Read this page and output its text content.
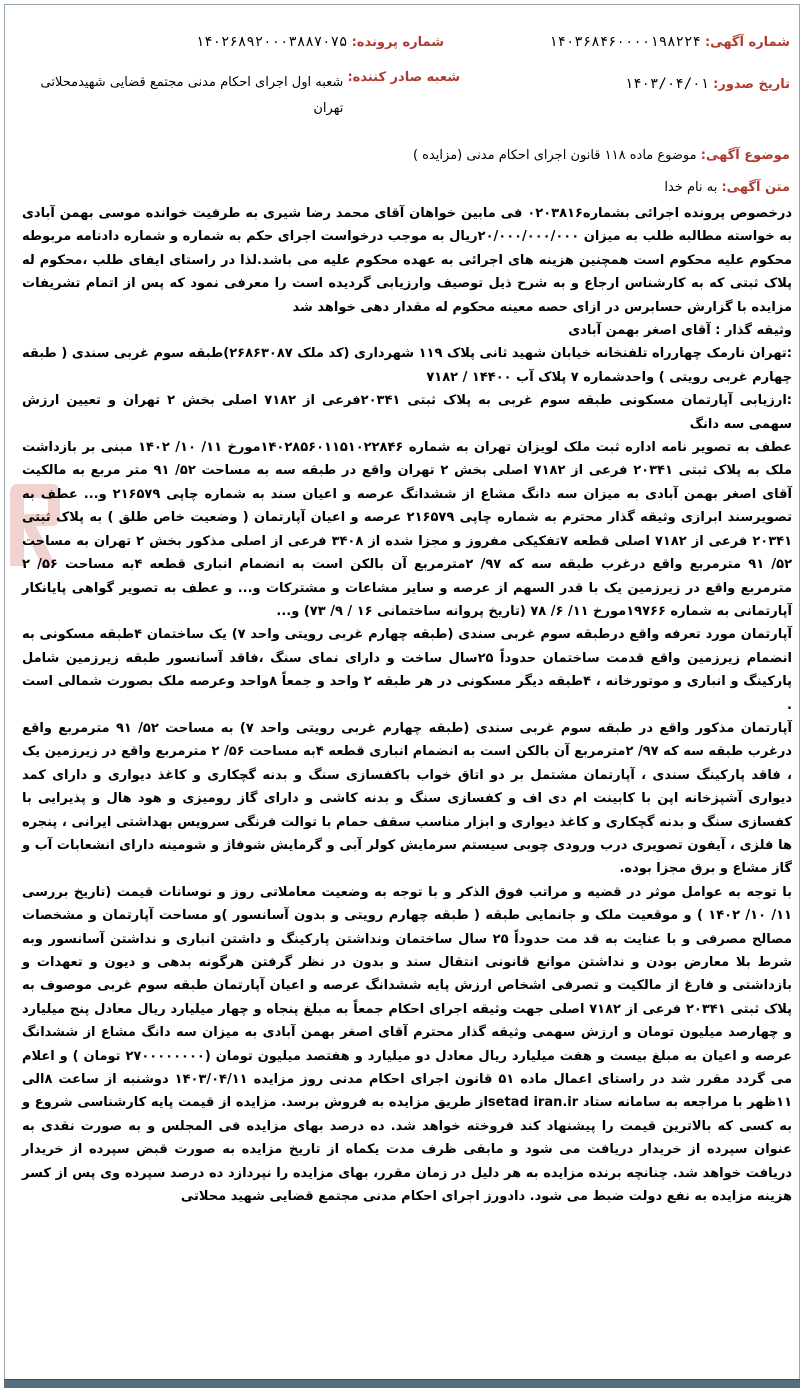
شماره آگهی: ۱۴۰۳۶۸۴۶۰۰۰۰۱۹۸۲۲۴
تاریخ صدور: ۱۴۰۳/۰۴/۰۱
شماره پرونده: ۱۴۰۲۶۸۹۲۰۰۰۳۸۸۷۰۷۵
شعبه صادر کننده: شعبه اول اجرای احکام مدنی مجتمع قضایی شهیدمحلاتی تهران
موضوع آگهی: موضوع ماده ۱۱۸ قانون اجرای احکام مدنی (مزایده )
متن آگهی: به نام خدا

درخصوص پرونده اجرائی بشماره۰۲۰۳۸۱۶ فی مابین خواهان آقای محمد رضا شیری به طرفیت خوانده موسی بهمن آبادی به خواسته مطالبه طلب به میزان ۲۰/۰۰۰/۰۰۰/۰۰۰ریال به موجب درخواست اجرای حکم به شماره و شماره دادنامه مربوطه محکوم علیه محکوم است همچنین هزینه های اجرائی به عهده محکوم علیه می باشد.لذا در راستای ایفای طلب ،محکوم له پلاک ثبتی که به کارشناس ارجاع و به شرح ذیل توصیف وارزیابی گردیده است را معرفی نمود که پس از اتمام تشریفات مزایده با گزارش حسابرس در ازای حصه معینه محکوم له مقدار دهی خواهد شد

وثیقه گذار : آقای اصغر بهمن آبادی

:تهران نارمک چهارراه تلفنخانه خیابان شهید ثانی پلاک ۱۱۹ شهرداری (کد ملک ۲۶۸۶۳۰۸۷)طبقه سوم غربی سندی ( طبقه چهارم غربی رویتی ) واحدشماره ۷ پلاک آب ۱۴۴۰۰ / ۷۱۸۲

:ارزیابی آپارتمان مسکونی طبقه سوم غربی به پلاک ثبتی ۲۰۳۴۱فرعی از ۷۱۸۲ اصلی بخش ۲ تهران و تعیین ارزش سهمی سه دانگ

عطف به تصویر نامه اداره ثبت ملک لویزان تهران به شماره ۱۴۰۲۸۵۶۰۱۱۵۱۰۲۲۸۴۶مورخ ۱۱/ ۱۰/ ۱۴۰۲ مبنی بر بازداشت ملک به پلاک ثبتی ۲۰۳۴۱ فرعی از ۷۱۸۲ اصلی بخش ۲ تهران واقع در طبقه سه به مساحت ۵۲/ ۹۱ متر مربع به مالکیت آقای اصغر بهمن آبادی به میزان سه دانگ مشاع از ششدانگ عرصه و اعیان سند به شماره چاپی ۲۱۶۵۷۹ و... عطف به تصویرسند ابرازی وثیقه گذار محترم به شماره چاپی ۲۱۶۵۷۹ عرصه و اعیان آپارتمان ( وضعیت خاص طلق ) به پلاک ثبتی ۲۰۳۴۱ فرعی از ۷۱۸۲ اصلی قطعه ۷تفکیکی مفروز و مجزا شده از ۳۴۰۸ فرعی از اصلی مذکور بخش ۲ تهران به مساحت ۵۲/ ۹۱ مترمربع واقع درغرب طبقه سه که ۹۷/ ۲مترمربع آن بالکن است به انضمام انباری قطعه ۴به مساحت ۵۶/ ۲ مترمربع واقع در زیرزمین یک با قدر السهم از عرصه و سایر مشاعات و مشترکات و... و عطف به تصویر گواهی پایانکار آپارتمانی به شماره ۱۹۷۶۶مورخ ۱۱/ ۶/ ۷۸ (تاریخ پروانه ساختمانی ۱۶ / ۹/ ۷۳) و...

آپارتمان مورد تعرفه واقع درطبقه سوم غربی سندی (طبقه چهارم غربی رویتی واحد ۷) یک ساختمان ۴طبقه مسکونی به انضمام زیرزمین واقع قدمت ساختمان حدوداً ۲۵سال ساخت و دارای نمای سنگ ،فاقد آسانسور طبقه زیرزمین شامل پارکینگ و انباری و موتورخانه ، ۴طبقه دیگر مسکونی در هر طبقه ۲ واحد و جمعاً ۸واحد وعرصه ملک بصورت شمالی است .

آپارتمان مذکور واقع در طبقه سوم غربی سندی (طبقه چهارم غربی رویتی واحد ۷) به مساحت ۵۲/ ۹۱ مترمربع واقع درغرب طبقه سه که ۹۷/ ۲مترمربع آن بالکن است به انضمام انباری قطعه ۴به مساحت ۵۶/ ۲ مترمربع واقع در زیرزمین یک ، فاقد پارکینگ سندی ، آپارتمان مشتمل بر دو اتاق خواب باکفسازی سنگ و بدنه گچکاری و کاغذ دیواری و دارای کمد دیواری آشپزخانه اپن با کابینت ام دی اف و کفسازی سنگ و بدنه کاشی و دارای گاز رومیزی و هود هال و پذیرایی با کفسازی سنگ و بدنه گچکاری و کاغذ دیواری و ابزار مناسب سقف حمام با توالت فرنگی سرویس بهداشتی ایرانی ، پنجره ها فلزی ، آیفون تصویری درب ورودی چوبی سیستم سرمایش کولر آبی و گرمایش شوفاژ و شومینه دارای انشعابات آب و گاز مشاع و برق مجزا بوده.

با توجه به عوامل موثر در قضیه و مراتب فوق الذکر و با توجه به وضعیت معاملاتی روز و نوسانات قیمت (تاریخ بررسی ۱۱/ ۱۰/ ۱۴۰۲ ) و موقعیت ملک و جانمایی طبقه ( طبقه چهارم رویتی و بدون آسانسور )و مساحت آپارتمان و مشخصات مصالح مصرفی و با عنایت به قد مت حدوداً ۲۵ سال ساختمان ونداشتن پارکینگ و داشتن انباری و نداشتن آسانسور وبه شرط بلا معارض بودن و نداشتن موانع قانونی انتقال سند و بدون در نظر گرفتن هرگونه بدهی و دیون و تعهدات و بازداشتی و فارغ از مالکیت و تصرفی اشخاص ارزش پایه ششدانگ عرصه و اعیان آپارتمان طبقه سوم غربی موصوف به پلاک ثبتی ۲۰۳۴۱ فرعی از ۷۱۸۲ اصلی جهت وثیقه اجرای احکام جمعاً به مبلغ پنجاه و چهار میلیارد ریال معادل پنج میلیارد و چهارصد میلیون تومان و ارزش سهمی وثیقه گذار محترم آقای اصغر بهمن آبادی به میزان سه دانگ مشاع از ششدانگ عرصه و اعیان به مبلغ بیست و هفت میلیارد ریال معادل دو میلیارد و هفتصد میلیون تومان (۲۷۰۰۰۰۰۰۰۰ تومان ) و اعلام می گردد مقرر شد در راستای اعمال ماده ۵۱ قانون اجرای احکام مدنی روز مزایده ۱۴۰۳/۰۴/۱۱ دوشنبه از ساعت ۸الی ۱۱ظهر با مراجعه به سامانه ستاد setad iran.irاز طریق مزایده به فروش برسد. مزایده از قیمت پایه کارشناسی شروع و به کسی که بالاترین قیمت را پیشنهاد کند فروخته خواهد شد. ده درصد بهای مزایده فی المجلس و به صورت نقدی به عنوان سپرده از خریدار دریافت می شود و مابقی ظرف مدت یکماه از تاریخ مزایده به صورت قبض سپرده از خریدار دریافت خواهد شد. چنانچه برنده مزایده به هر دلیل در زمان مقرر، بهای مزایده را نپردازد ده درصد سپرده وی پس از کسر هزینه مزایده به نفع دولت ضبط می شود. دادورز اجرای احکام مدنی مجتمع قضایی شهید محلاتی
